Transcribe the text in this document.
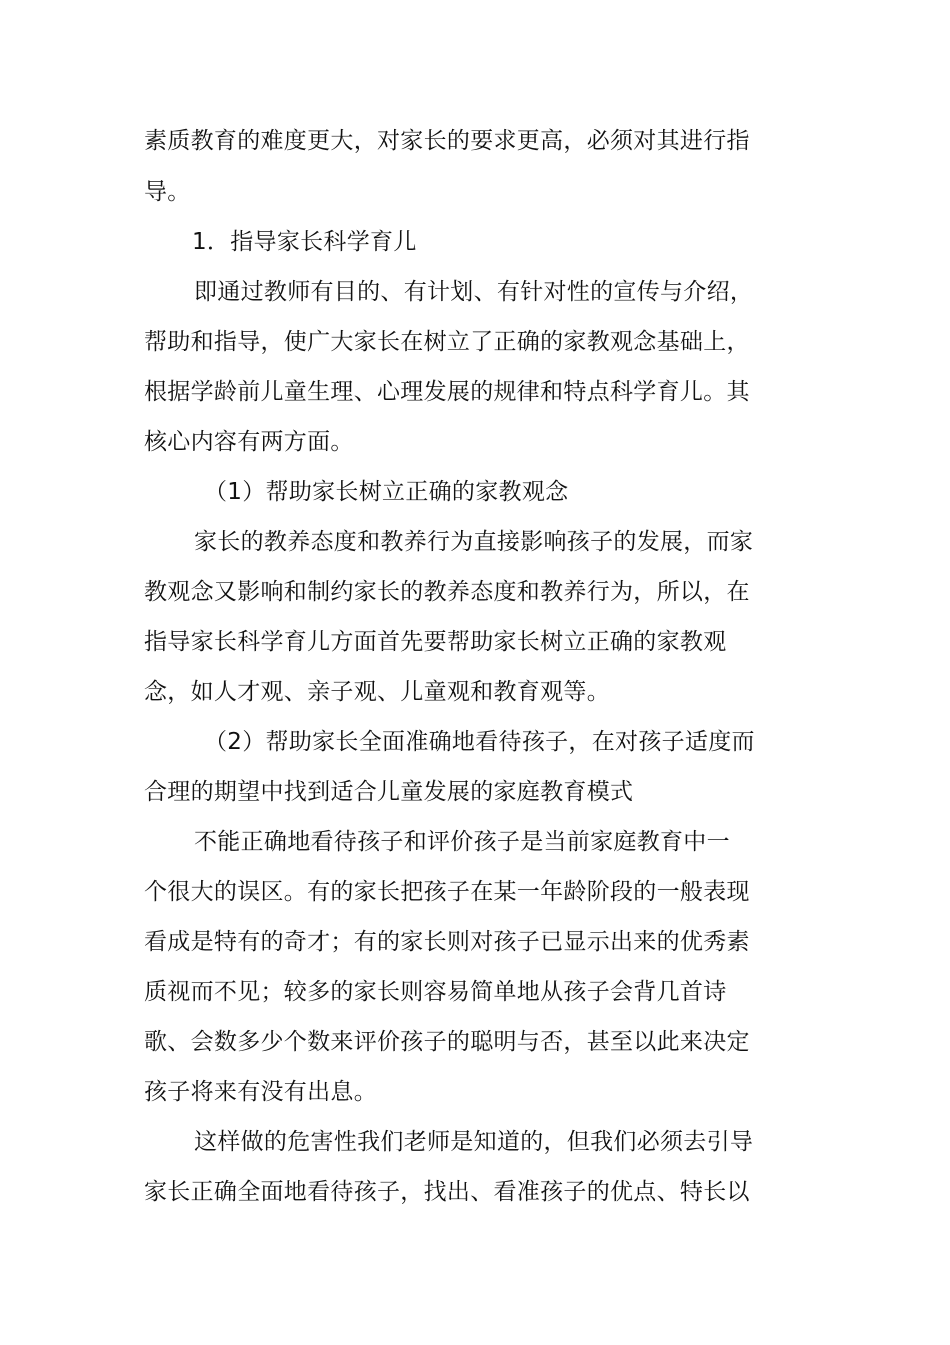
素质教育的难度更大，对家长的要求更高，必须对其进行指
导。
1．指导家长科学育儿
即通过教师有目的、有计划、有针对性的宣传与介绍，
帮助和指导，使广大家长在树立了正确的家教观念基础上，
根据学龄前儿童生理、心理发展的规律和特点科学育儿。其
核心内容有两方面。
（1）帮助家长树立正确的家教观念
家长的教养态度和教养行为直接影响孩子的发展，而家
教观念又影响和制约家长的教养态度和教养行为，所以，在
指导家长科学育儿方面首先要帮助家长树立正确的家教观
念，如人才观、亲子观、儿童观和教育观等。
（2）帮助家长全面准确地看待孩子，在对孩子适度而
合理的期望中找到适合儿童发展的家庭教育模式
不能正确地看待孩子和评价孩子是当前家庭教育中一
个很大的误区。有的家长把孩子在某一年龄阶段的一般表现
看成是特有的奇才；有的家长则对孩子已显示出来的优秀素
质视而不见；较多的家长则容易简单地从孩子会背几首诗
歌、会数多少个数来评价孩子的聪明与否，甚至以此来决定
孩子将来有没有出息。
这样做的危害性我们老师是知道的，但我们必须去引导
家长正确全面地看待孩子，找出、看准孩子的优点、特长以
